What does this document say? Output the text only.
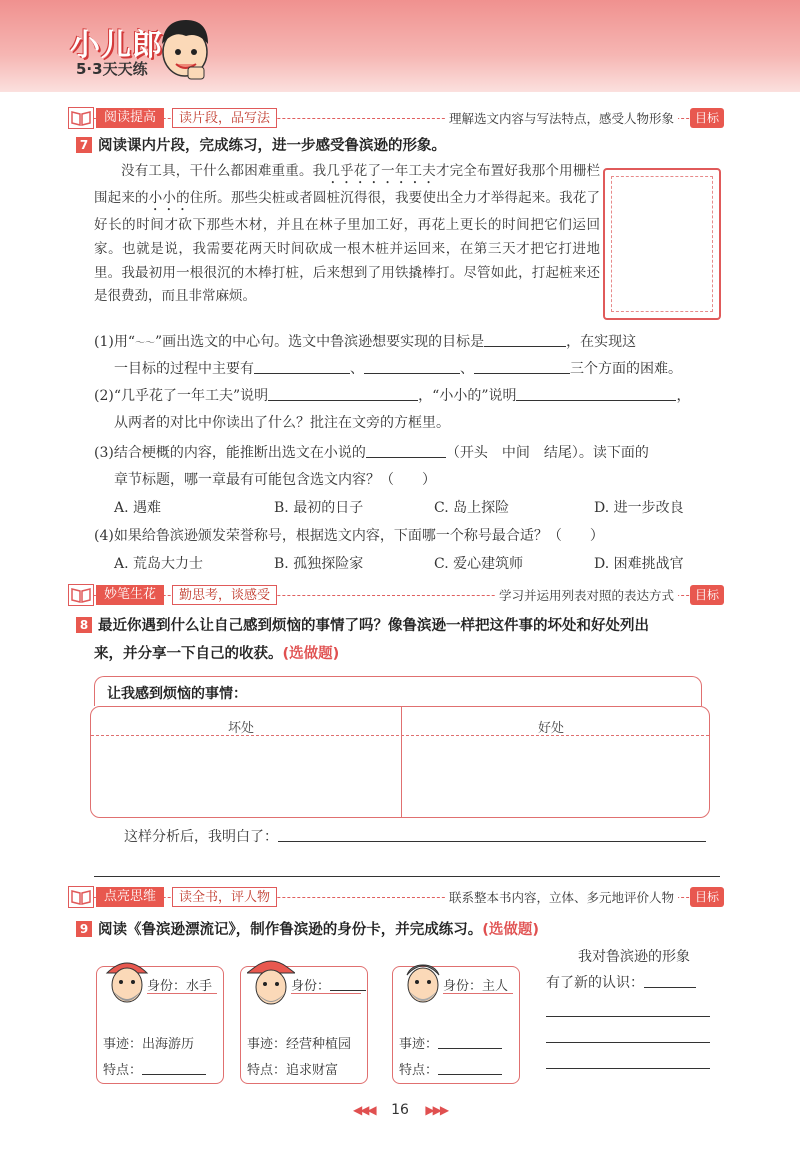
小儿郎
5·3天天练
阅读提高	读片段，品写法	理解选文内容与写法特点，感受人物形象	目标
7 阅读课内片段，完成练习，进一步感受鲁滨逊的形象。
没有工具，干什么都困难重重。我几乎花了一年工夫才完全布置好我那个用栅栏围起来的小小的住所。那些尖桩或者圆桩沉得很，我要使出全力才举得起来。我花了好长的时间才砍下那些木材，并且在林子里加工好，再花上更长的时间把它们运回家。也就是说，我需要花两天时间砍成一根木桩并运回来，在第三天才把它打进地里。我最初用一根很沉的木棒打桩，后来想到了用铁撬棒打。尽管如此，打起桩来还是很费劲，而且非常麻烦。
(1)用“～～”画出选文的中心句。选文中鲁滨逊想要实现的目标是	，在实现这
一目标的过程中主要有	、	、	三个方面的困难。
(2)“几乎花了一年工夫”说明	，“小小的”说明	，
从两者的对比中你读出了什么？批注在文旁的方框里。
(3)结合梗概的内容，能推断出选文在小说的	（开头　中间　结尾）。读下面的
章节标题，哪一章最有可能包含选文内容？（　　）
A. 遇难	B. 最初的日子	C. 岛上探险	D. 进一步改良
(4)如果给鲁滨逊颁发荣誉称号，根据选文内容，下面哪一个称号最合适？（　　）
A. 荒岛大力士	B. 孤独探险家	C. 爱心建筑师	D. 困难挑战官
妙笔生花	勤思考，谈感受	学习并运用列表对照的表达方式	目标
8 最近你遇到什么让自己感到烦恼的事情了吗？像鲁滨逊一样把这件事的坏处和好处列出
来，并分享一下自己的收获。(选做题)
让我感到烦恼的事情：
坏处	好处
这样分析后，我明白了：
点亮思维	读全书，评人物	联系整本书内容，立体、多元地评价人物	目标
9 阅读《鲁滨逊漂流记》，制作鲁滨逊的身份卡，并完成练习。(选做题)
身份：水手
事迹：出海游历
特点：
身份：
事迹：经营种植园
特点：追求财富
身份：主人
事迹：
特点：
我对鲁滨逊的形象
有了新的认识：
◀◀◀ 16 ▶▶▶
